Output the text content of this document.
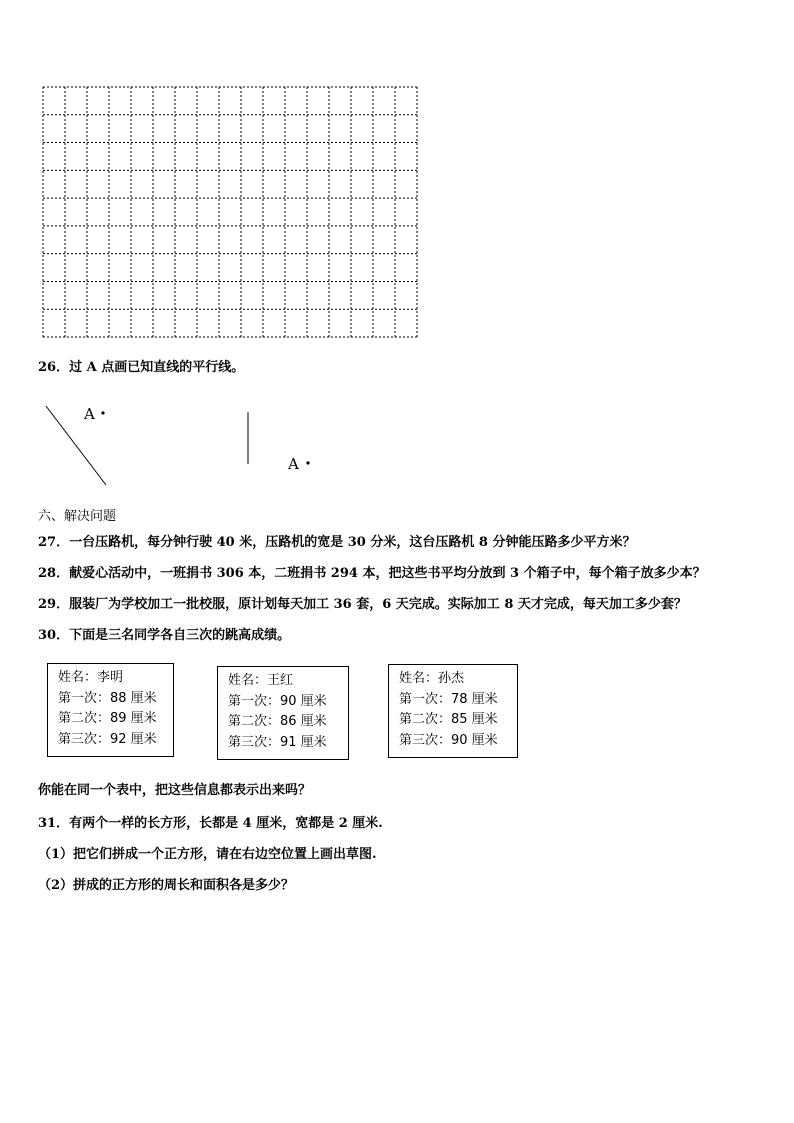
26．过 A 点画已知直线的平行线。
A
A
六、解决问题
27．一台压路机，每分钟行驶 40 米，压路机的宽是 30 分米，这台压路机 8 分钟能压路多少平方米？
28．献爱心活动中，一班捐书 306 本，二班捐书 294 本，把这些书平均分放到 3 个箱子中，每个箱子放多少本？
29．服装厂为学校加工一批校服，原计划每天加工 36 套，6 天完成。实际加工 8 天才完成，每天加工多少套？
30．下面是三名同学各自三次的跳高成绩。
姓名：李明
第一次：88 厘米
第二次：89 厘米
第三次：92 厘米
姓名：王红
第一次：90 厘米
第二次：86 厘米
第三次：91 厘米
姓名：孙杰
第一次：78 厘米
第二次：85 厘米
第三次：90 厘米
你能在同一个表中，把这些信息都表示出来吗？
31．有两个一样的长方形，长都是 4 厘米，宽都是 2 厘米.
（1）把它们拼成一个正方形，请在右边空位置上画出草图.
（2）拼成的正方形的周长和面积各是多少？
